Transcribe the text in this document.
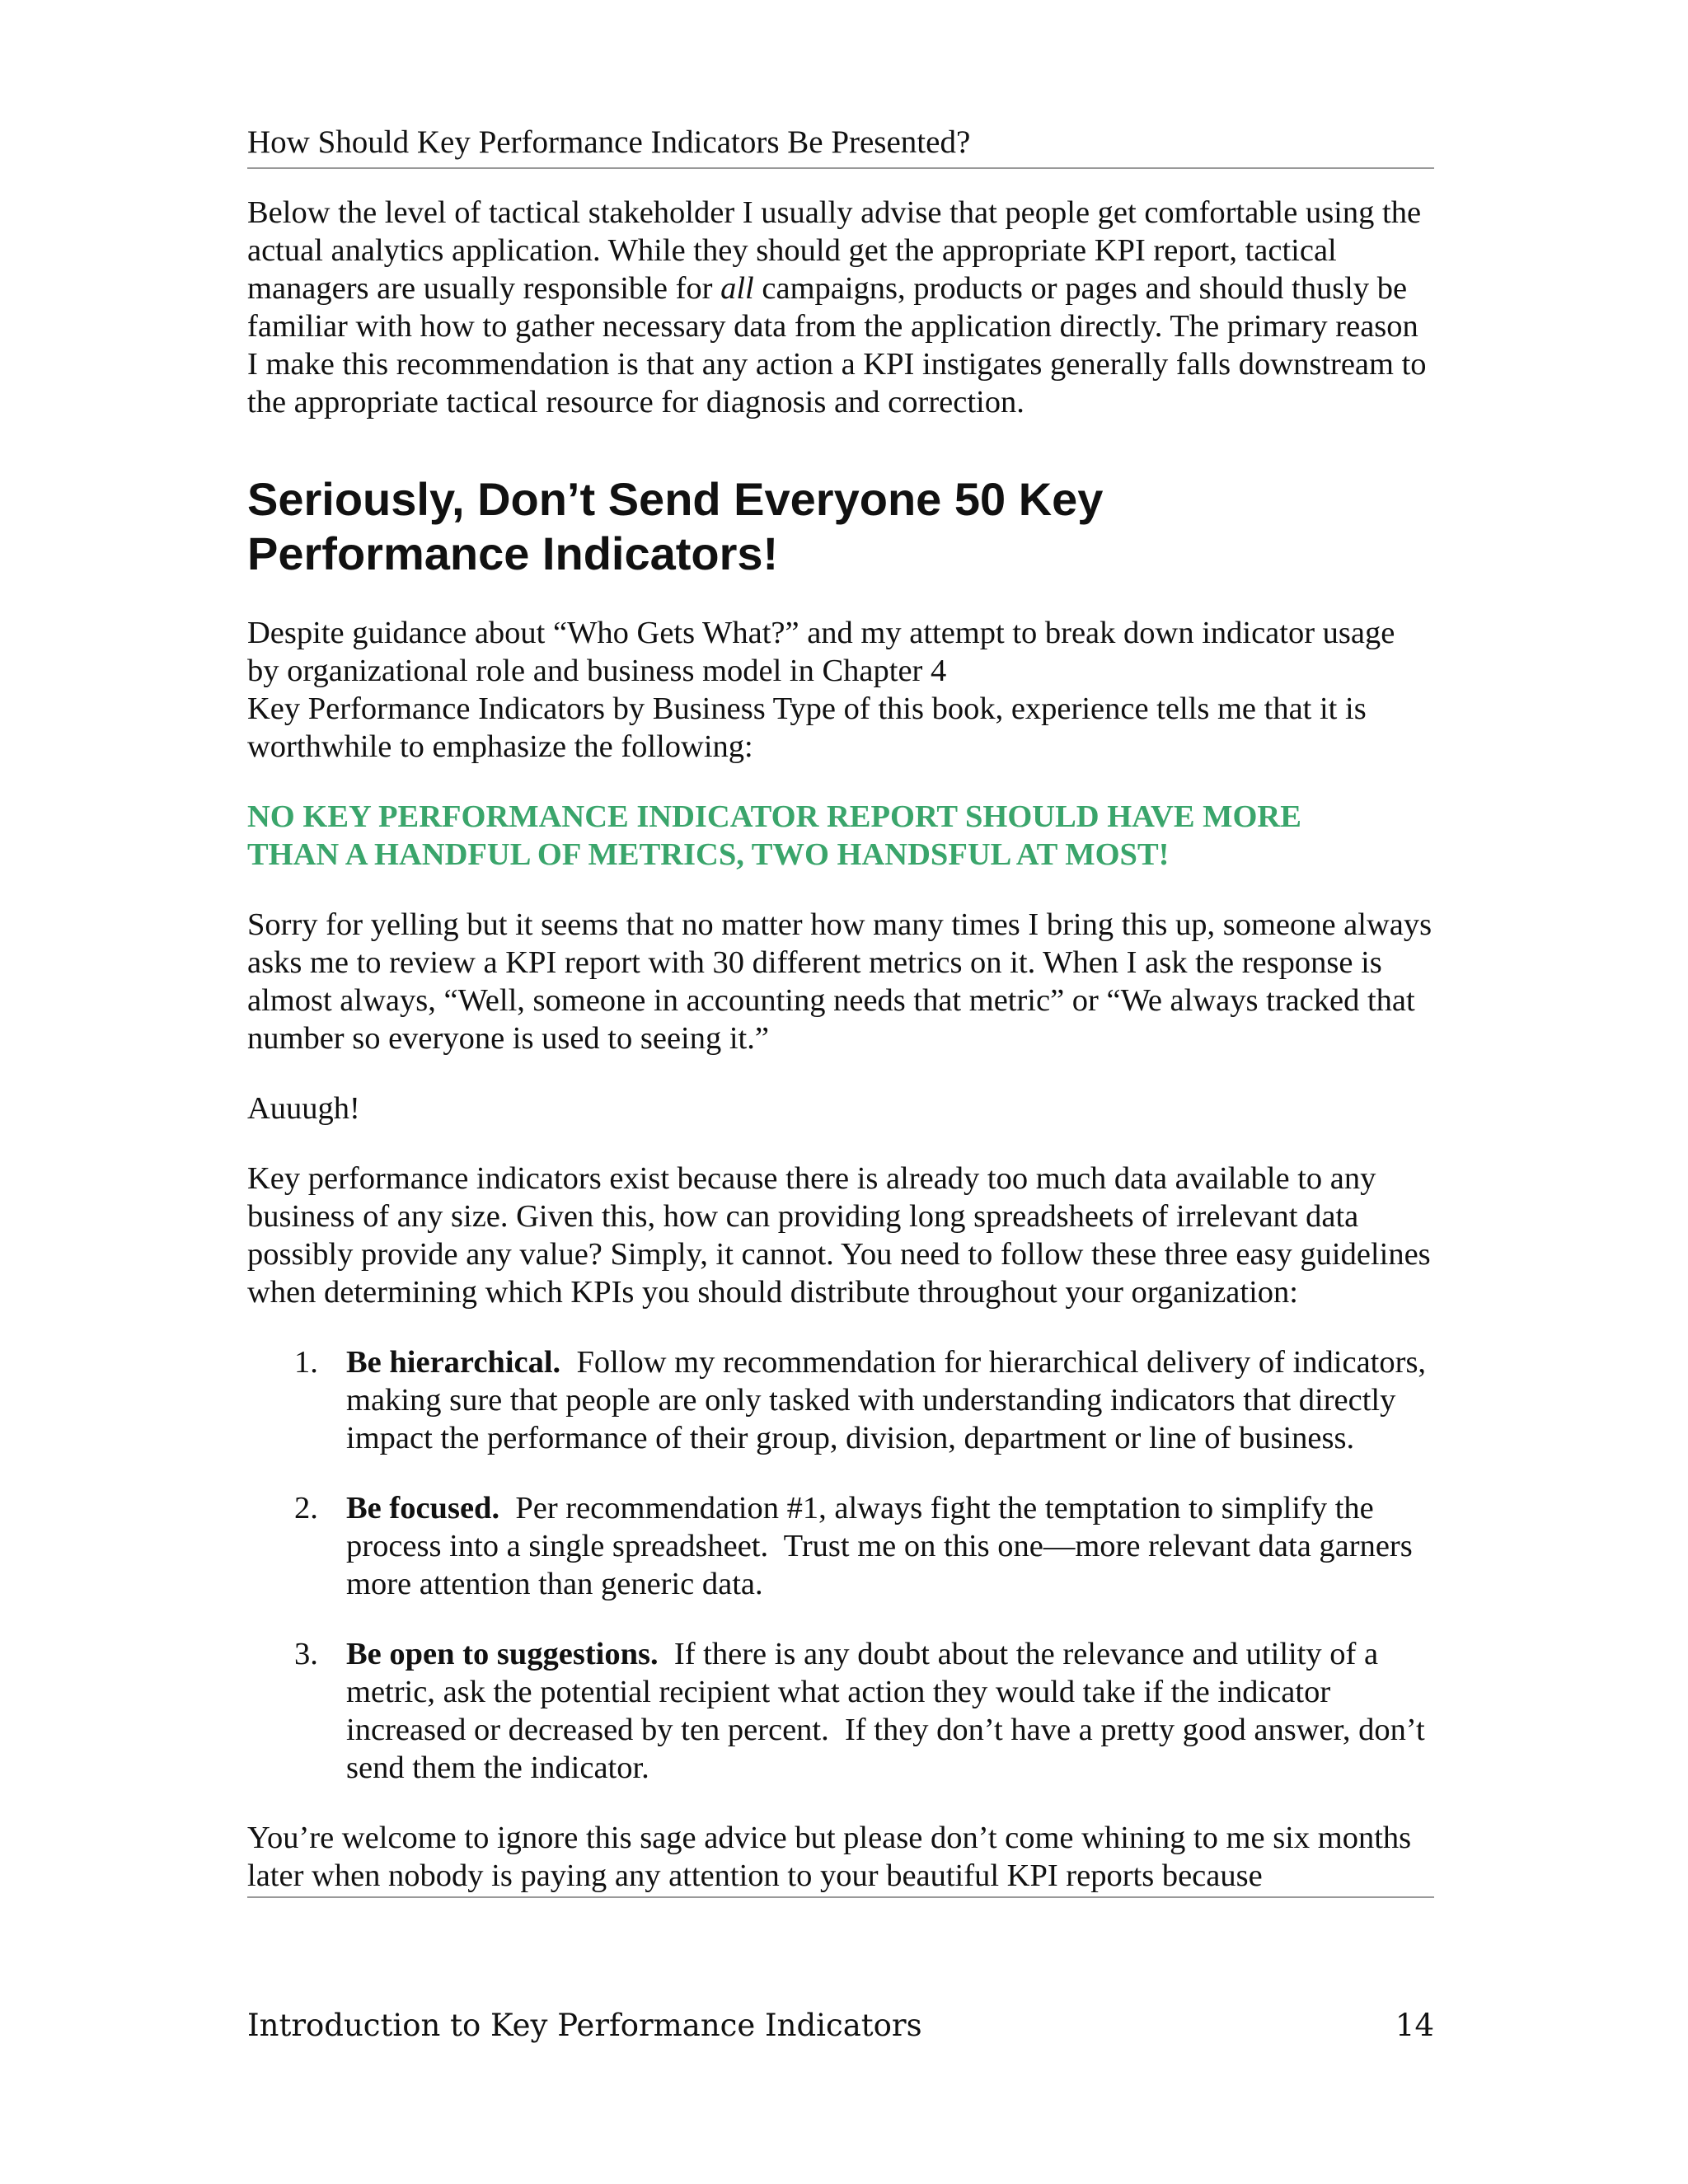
How Should Key Performance Indicators Be Presented?

Below the level of tactical stakeholder I usually advise that people get comfortable using the actual analytics application. While they should get the appropriate KPI report, tactical managers are usually responsible for all campaigns, products or pages and should thusly be familiar with how to gather necessary data from the application directly. The primary reason I make this recommendation is that any action a KPI instigates generally falls downstream to the appropriate tactical resource for diagnosis and correction.

Seriously, Don’t Send Everyone 50 Key
Performance Indicators!

Despite guidance about “Who Gets What?” and my attempt to break down indicator usage by organizational role and business model in Chapter 4
Key Performance Indicators by Business Type of this book, experience tells me that it is worthwhile to emphasize the following:

NO KEY PERFORMANCE INDICATOR REPORT SHOULD HAVE MORE
THAN A HANDFUL OF METRICS, TWO HANDSFUL AT MOST!

Sorry for yelling but it seems that no matter how many times I bring this up, someone always asks me to review a KPI report with 30 different metrics on it. When I ask the response is almost always, “Well, someone in accounting needs that metric” or “We always tracked that number so everyone is used to seeing it.”

Auuugh!

Key performance indicators exist because there is already too much data available to any business of any size. Given this, how can providing long spreadsheets of irrelevant data possibly provide any value? Simply, it cannot. You need to follow these three easy guidelines when determining which KPIs you should distribute throughout your organization:

1. Be hierarchical.  Follow my recommendation for hierarchical delivery of indicators, making sure that people are only tasked with understanding indicators that directly impact the performance of their group, division, department or line of business.
2. Be focused.  Per recommendation #1, always fight the temptation to simplify the process into a single spreadsheet.  Trust me on this one—more relevant data garners more attention than generic data.
3. Be open to suggestions.  If there is any doubt about the relevance and utility of a metric, ask the potential recipient what action they would take if the indicator increased or decreased by ten percent.  If they don’t have a pretty good answer, don’t send them the indicator.

You’re welcome to ignore this sage advice but please don’t come whining to me six months later when nobody is paying any attention to your beautiful KPI reports because

Introduction to Key Performance Indicators	14
